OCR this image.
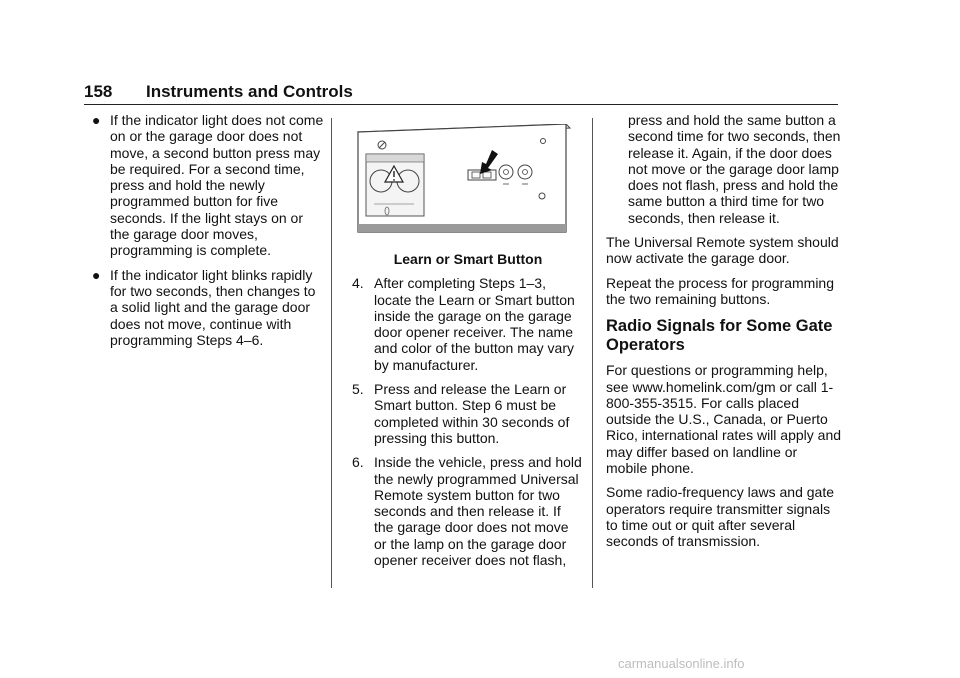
158 Instruments and Controls
● If the indicator light does not come on or the garage door does not move, a second button press may be required. For a second time, press and hold the newly programmed button for five seconds. If the light stays on or the garage door moves, programming is complete.
● If the indicator light blinks rapidly for two seconds, then changes to a solid light and the garage door does not move, continue with programming Steps 4–6.

Learn or Smart Button

4. After completing Steps 1–3, locate the Learn or Smart button inside the garage on the garage door opener receiver. The name and color of the button may vary by manufacturer.
5. Press and release the Learn or Smart button. Step 6 must be completed within 30 seconds of pressing this button.
6. Inside the vehicle, press and hold the newly programmed Universal Remote system button for two seconds and then release it. If the garage door does not move or the lamp on the garage door opener receiver does not flash,
press and hold the same button a second time for two seconds, then release it. Again, if the door does not move or the garage door lamp does not flash, press and hold the same button a third time for two seconds, then release it.

The Universal Remote system should now activate the garage door.

Repeat the process for programming the two remaining buttons.

Radio Signals for Some Gate Operators

For questions or programming help, see www.homelink.com/gm or call 1-800-355-3515. For calls placed outside the U.S., Canada, or Puerto Rico, international rates will apply and may differ based on landline or mobile phone.

Some radio-frequency laws and gate operators require transmitter signals to time out or quit after several seconds of transmission.

carmanualsonline.info
